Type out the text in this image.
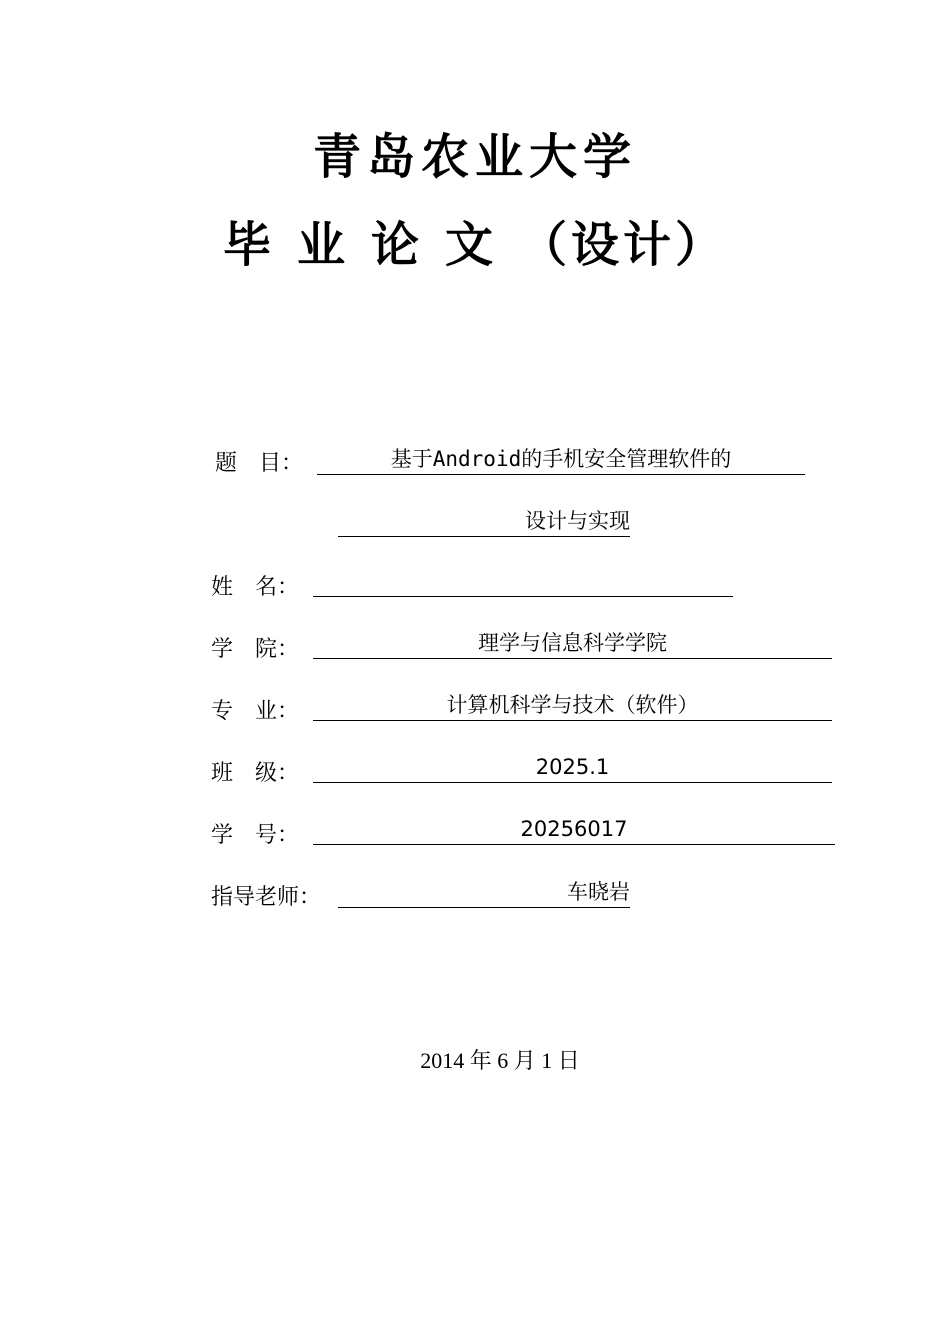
青岛农业大学
毕 业 论 文 （设计）
题　目：	基于Android的手机安全管理软件的
设计与实现
姓　名：
学　院：	理学与信息科学学院
专　业：	计算机科学与技术（软件）
班　级：	2025.1
学　号：	20256017
指导老师：	车晓岩
2014 年 6 月 1 日
